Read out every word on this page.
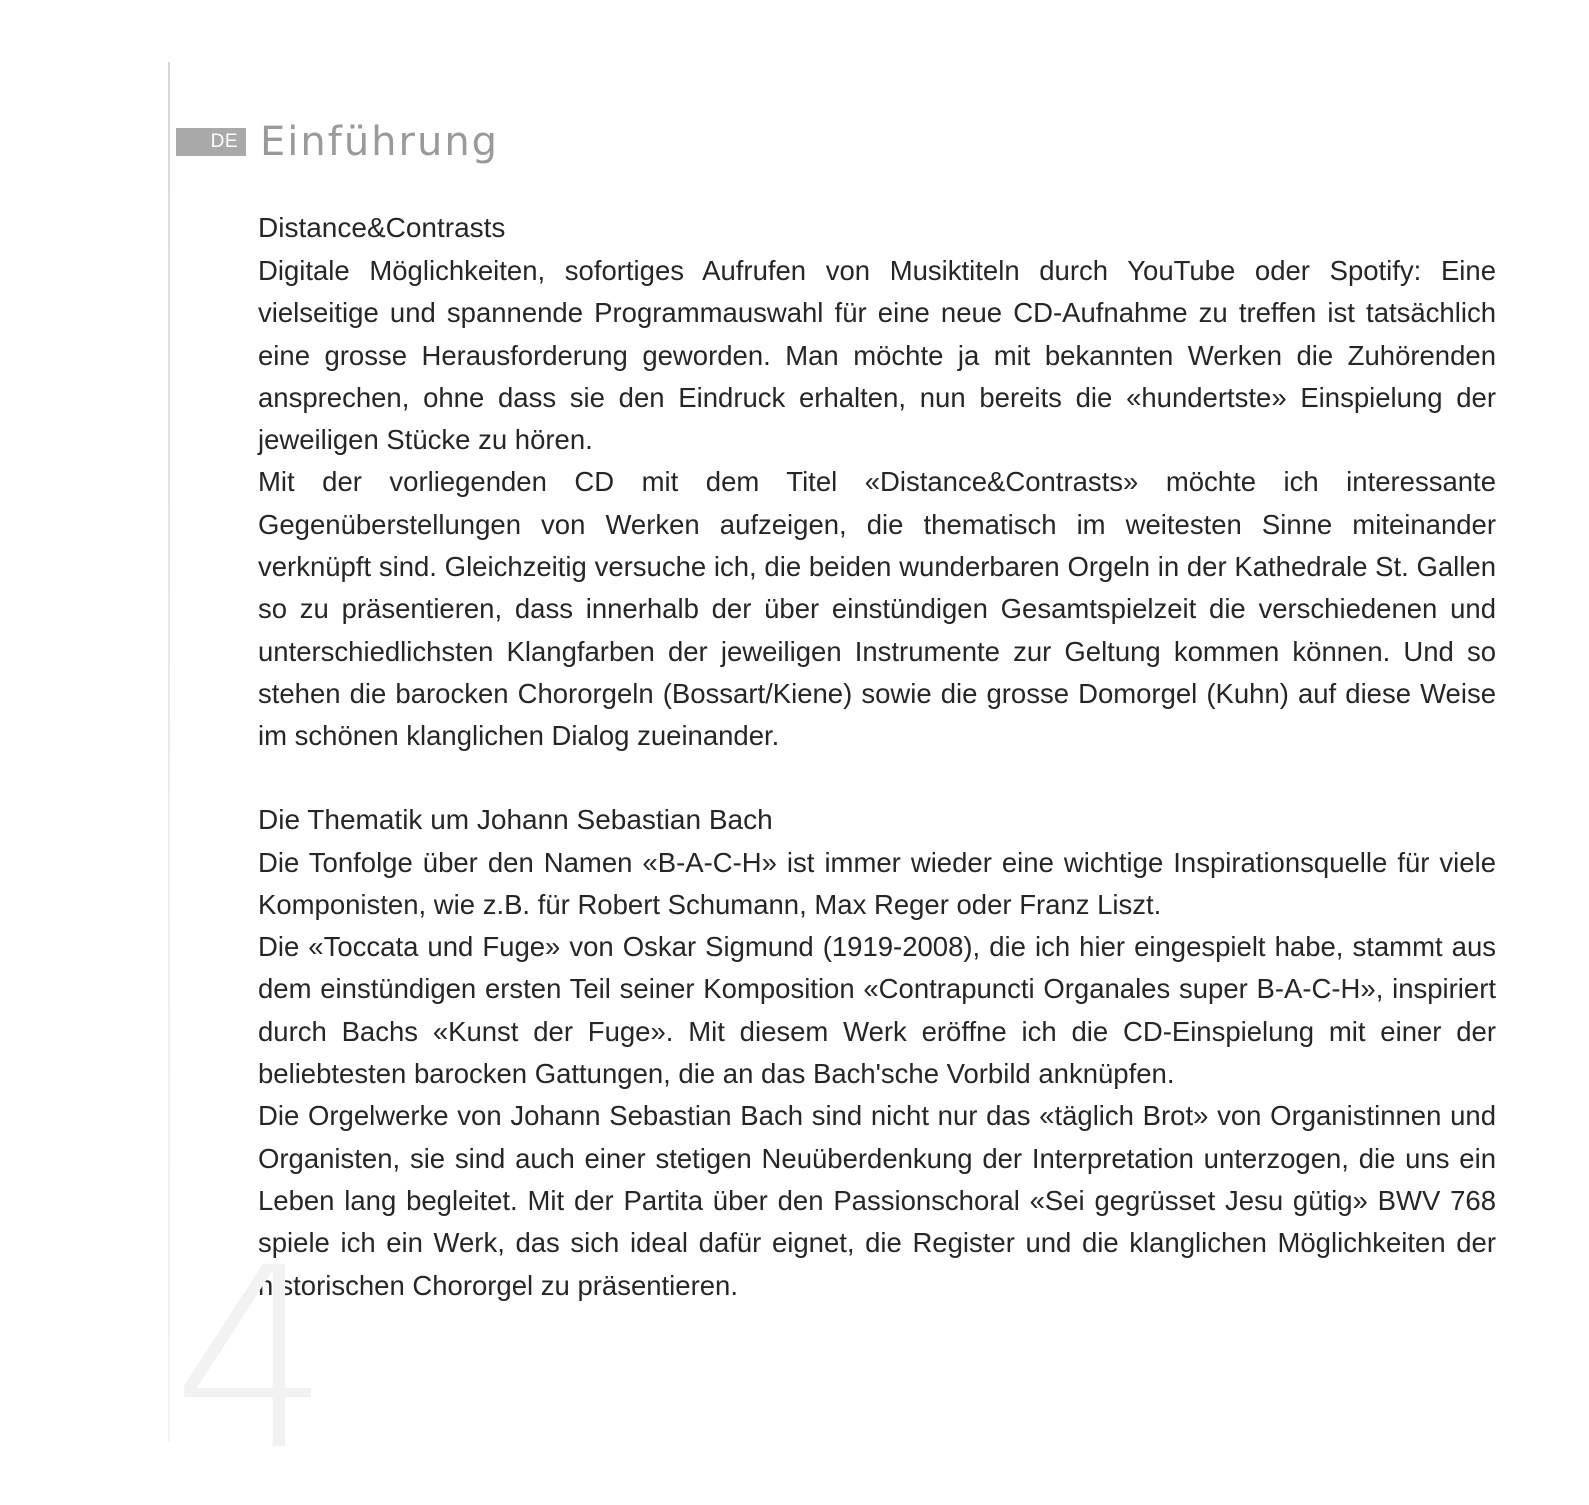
DE Einführung
Distance&Contrasts

Digitale Möglichkeiten, sofortiges Aufrufen von Musiktiteln durch YouTube oder Spotify: Eine vielseitige und spannende Programmauswahl für eine neue CD-Aufnahme zu treffen ist tatsächlich eine grosse Herausforderung geworden. Man möchte ja mit bekannten Werken die Zuhörenden ansprechen, ohne dass sie den Eindruck erhalten, nun bereits die «hundertste» Einspielung der jeweiligen Stücke zu hören.

Mit der vorliegenden CD mit dem Titel «Distance&Contrasts» möchte ich interessante Gegenüberstellungen von Werken aufzeigen, die thematisch im weitesten Sinne miteinander verknüpft sind. Gleichzeitig versuche ich, die beiden wunderbaren Orgeln in der Kathedrale St. Gallen so zu präsentieren, dass innerhalb der über einstündigen Gesamtspielzeit die verschiedenen und unterschiedlichsten Klangfarben der jeweiligen Instrumente zur Geltung kommen können. Und so stehen die barocken Chororgeln (Bossart/Kiene) sowie die grosse Domorgel (Kuhn) auf diese Weise im schönen klanglichen Dialog zueinander.

Die Thematik um Johann Sebastian Bach

Die Tonfolge über den Namen «B-A-C-H» ist immer wieder eine wichtige Inspirationsquelle für viele Komponisten, wie z.B. für Robert Schumann, Max Reger oder Franz Liszt.

Die «Toccata und Fuge» von Oskar Sigmund (1919-2008), die ich hier eingespielt habe, stammt aus dem einstündigen ersten Teil seiner Komposition «Contrapuncti Organales super B-A-C-H», inspiriert durch Bachs «Kunst der Fuge». Mit diesem Werk eröffne ich die CD-Einspielung mit einer der beliebtesten barocken Gattungen, die an das Bach'sche Vorbild anknüpfen.

Die Orgelwerke von Johann Sebastian Bach sind nicht nur das «täglich Brot» von Organistinnen und Organisten, sie sind auch einer stetigen Neuüberdenkung der Interpretation unterzogen, die uns ein Leben lang begleitet. Mit der Partita über den Passionschoral «Sei gegrüsset Jesu gütig» BWV 768 spiele ich ein Werk, das sich ideal dafür eignet, die Register und die klanglichen Möglichkeiten der historischen Chororgel zu präsentieren.

4
